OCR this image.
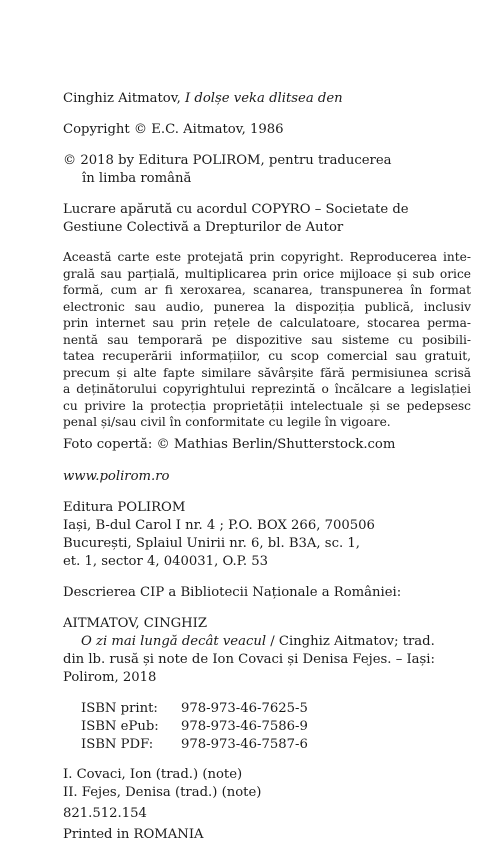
Cinghiz Aitmatov, I dolșe veka dlitsea den
Copyright © E.C. Aitmatov, 1986
© 2018 by Editura POLIROM, pentru traducerea
în limba română
Lucrare apărută cu acordul COPYRO – Societate de
Gestiune Colectivă a Drepturilor de Autor
Această carte este protejată prin copyright. Reproducerea inte-
grală sau parțială, multiplicarea prin orice mijloace și sub orice
formă, cum ar fi xeroxarea, scanarea, transpunerea în format
electronic sau audio, punerea la dispoziția publică, inclusiv
prin internet sau prin rețele de calculatoare, stocarea perma-
nentă sau temporară pe dispozitive sau sisteme cu posibili-
tatea recuperării informațiilor, cu scop comercial sau gratuit,
precum și alte fapte similare săvârșite fără permisiunea scrisă
a deținătorului copyrightului reprezintă o încălcare a legislației
cu privire la protecția proprietății intelectuale și se pedepsesc
penal și/sau civil în conformitate cu legile în vigoare.
Foto copertă: © Mathias Berlin/Shutterstock.com
www.polirom.ro
Editura POLIROM
Iași, B-dul Carol I nr. 4 ; P.O. BOX 266, 700506
București, Splaiul Unirii nr. 6, bl. B3A, sc. 1,
et. 1, sector 4, 040031, O.P. 53
Descrierea CIP a Bibliotecii Naționale a României:
AITMATOV, CINGHIZ
O zi mai lungă decât veacul / Cinghiz Aitmatov; trad.
din lb. rusă și note de Ion Covaci și Denisa Fejes. – Iași:
Polirom, 2018
ISBN print: 978-973-46-7625-5
ISBN ePub: 978-973-46-7586-9
ISBN PDF: 978-973-46-7587-6
I. Covaci, Ion (trad.) (note)
II. Fejes, Denisa (trad.) (note)
821.512.154
Printed in ROMANIA
